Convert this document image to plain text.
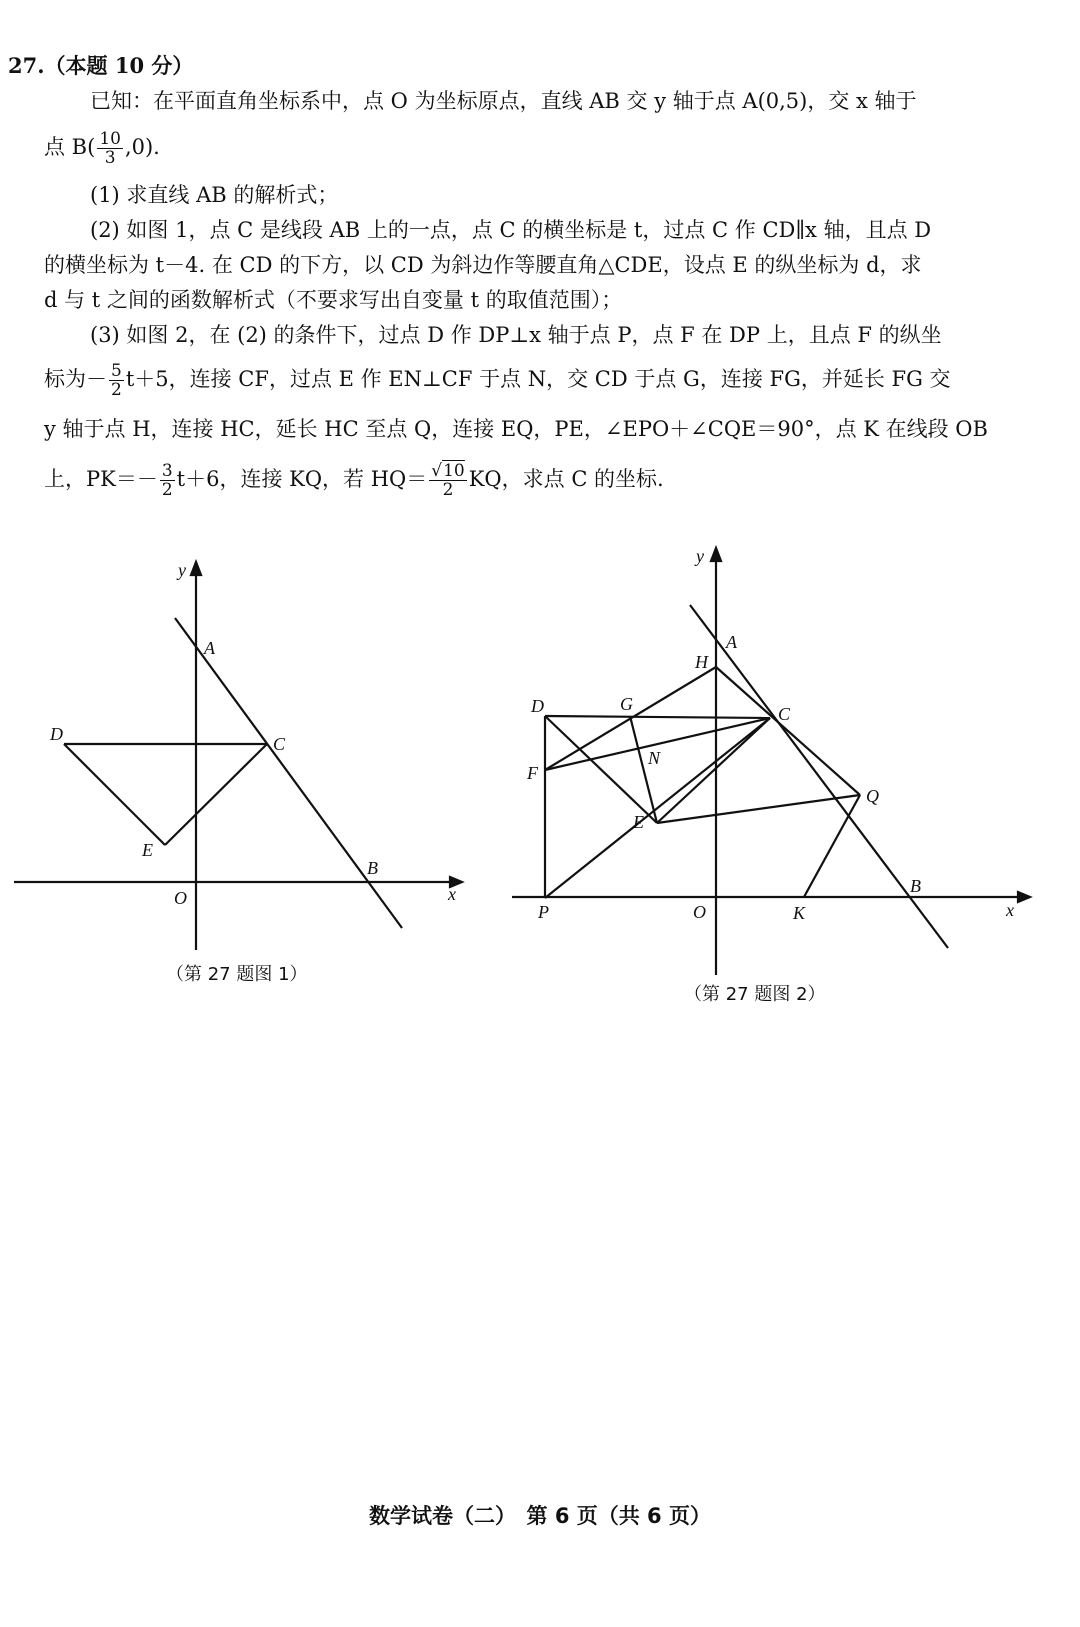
27.（本题 10 分）
已知：在平面直角坐标系中，点 O 为坐标原点，直线 AB 交 y 轴于点 A(0,5)，交 x 轴于
点 $B( \frac{10}{3} ,0)$.
(1) 求直线 AB 的解析式；
(2) 如图 1，点 C 是线段 AB 上的一点，点 C 的横坐标是 t，过点 C 作 CD∥x 轴，且点 D
的横坐标为 t－4. 在 CD 的下方，以 CD 为斜边作等腰直角△CDE，设点 E 的纵坐标为 d，求
d 与 t 之间的函数解析式（不要求写出自变量 t 的取值范围）；
(3) 如图 2，在 (2) 的条件下，过点 D 作 DP⊥x 轴于点 P，点 F 在 DP 上，且点 F 的纵坐
标为－ $\frac{5}{2} t+5$，连接 CF，过点 E 作 EN⊥CF 于点 N，交 CD 于点 G，连接 FG，并延长 FG 交
y 轴于点 H，连接 HC，延长 HC 至点 Q，连接 EQ，PE，∠EPO＋∠CQE＝90°，点 K 在线段 OB
上，$PK=- \frac{3}{2} t+6$，连接 KQ，若 $HQ= \frac{√10}{2}$ KQ，求点 C 的坐标.
y
x
A
B
C
D
E
O
（第 27 题图 1）
y
x
A
B
C
D
E
F
G
H
N
P
Q
K
O
（第 27 题图 2）
数学试卷（二）　第 6 页（共 6 页）
